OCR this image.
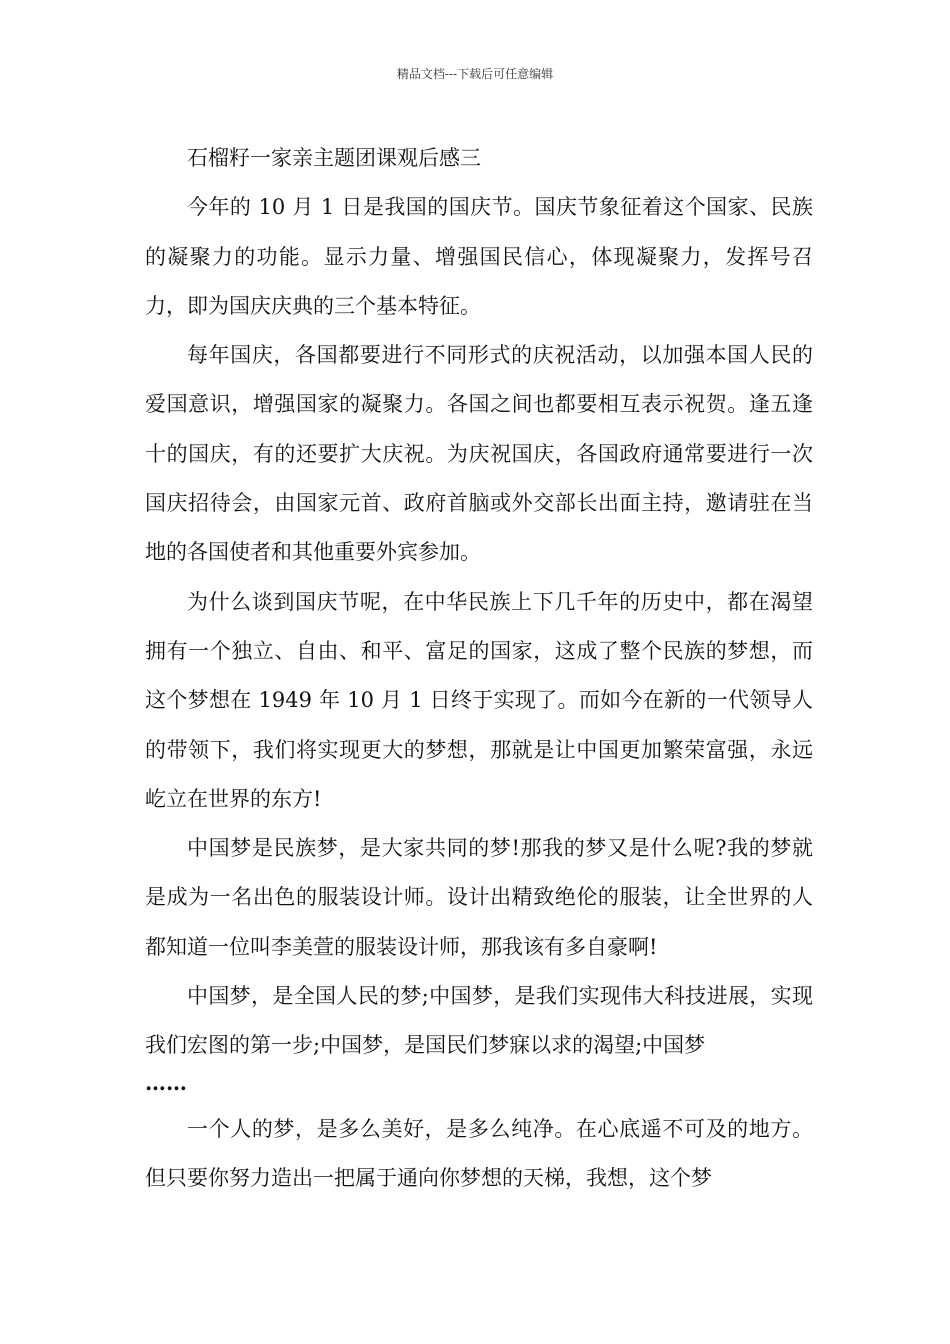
精品文档---下载后可任意编辑

石榴籽一家亲主题团课观后感三

今年的 10 月 1 日是我国的国庆节。国庆节象征着这个国家、民族的凝聚力的功能。显示力量、增强国民信心，体现凝聚力，发挥号召力，即为国庆庆典的三个基本特征。

每年国庆，各国都要进行不同形式的庆祝活动，以加强本国人民的爱国意识，增强国家的凝聚力。各国之间也都要相互表示祝贺。逢五逢十的国庆，有的还要扩大庆祝。为庆祝国庆，各国政府通常要进行一次国庆招待会，由国家元首、政府首脑或外交部长出面主持，邀请驻在当地的各国使者和其他重要外宾参加。

为什么谈到国庆节呢，在中华民族上下几千年的历史中，都在渴望拥有一个独立、自由、和平、富足的国家，这成了整个民族的梦想，而这个梦想在 1949 年 10 月 1 日终于实现了。而如今在新的一代领导人的带领下，我们将实现更大的梦想，那就是让中国更加繁荣富强，永远屹立在世界的东方!

中国梦是民族梦，是大家共同的梦!那我的梦又是什么呢?我的梦就是成为一名出色的服装设计师。设计出精致绝伦的服装，让全世界的人都知道一位叫李美萱的服装设计师，那我该有多自豪啊!

中国梦，是全国人民的梦;中国梦，是我们实现伟大科技进展，实现我们宏图的第一步;中国梦，是国民们梦寐以求的渴望;中国梦

……

一个人的梦，是多么美好，是多么纯净。在心底遥不可及的地方。但只要你努力造出一把属于通向你梦想的天梯，我想，这个梦
